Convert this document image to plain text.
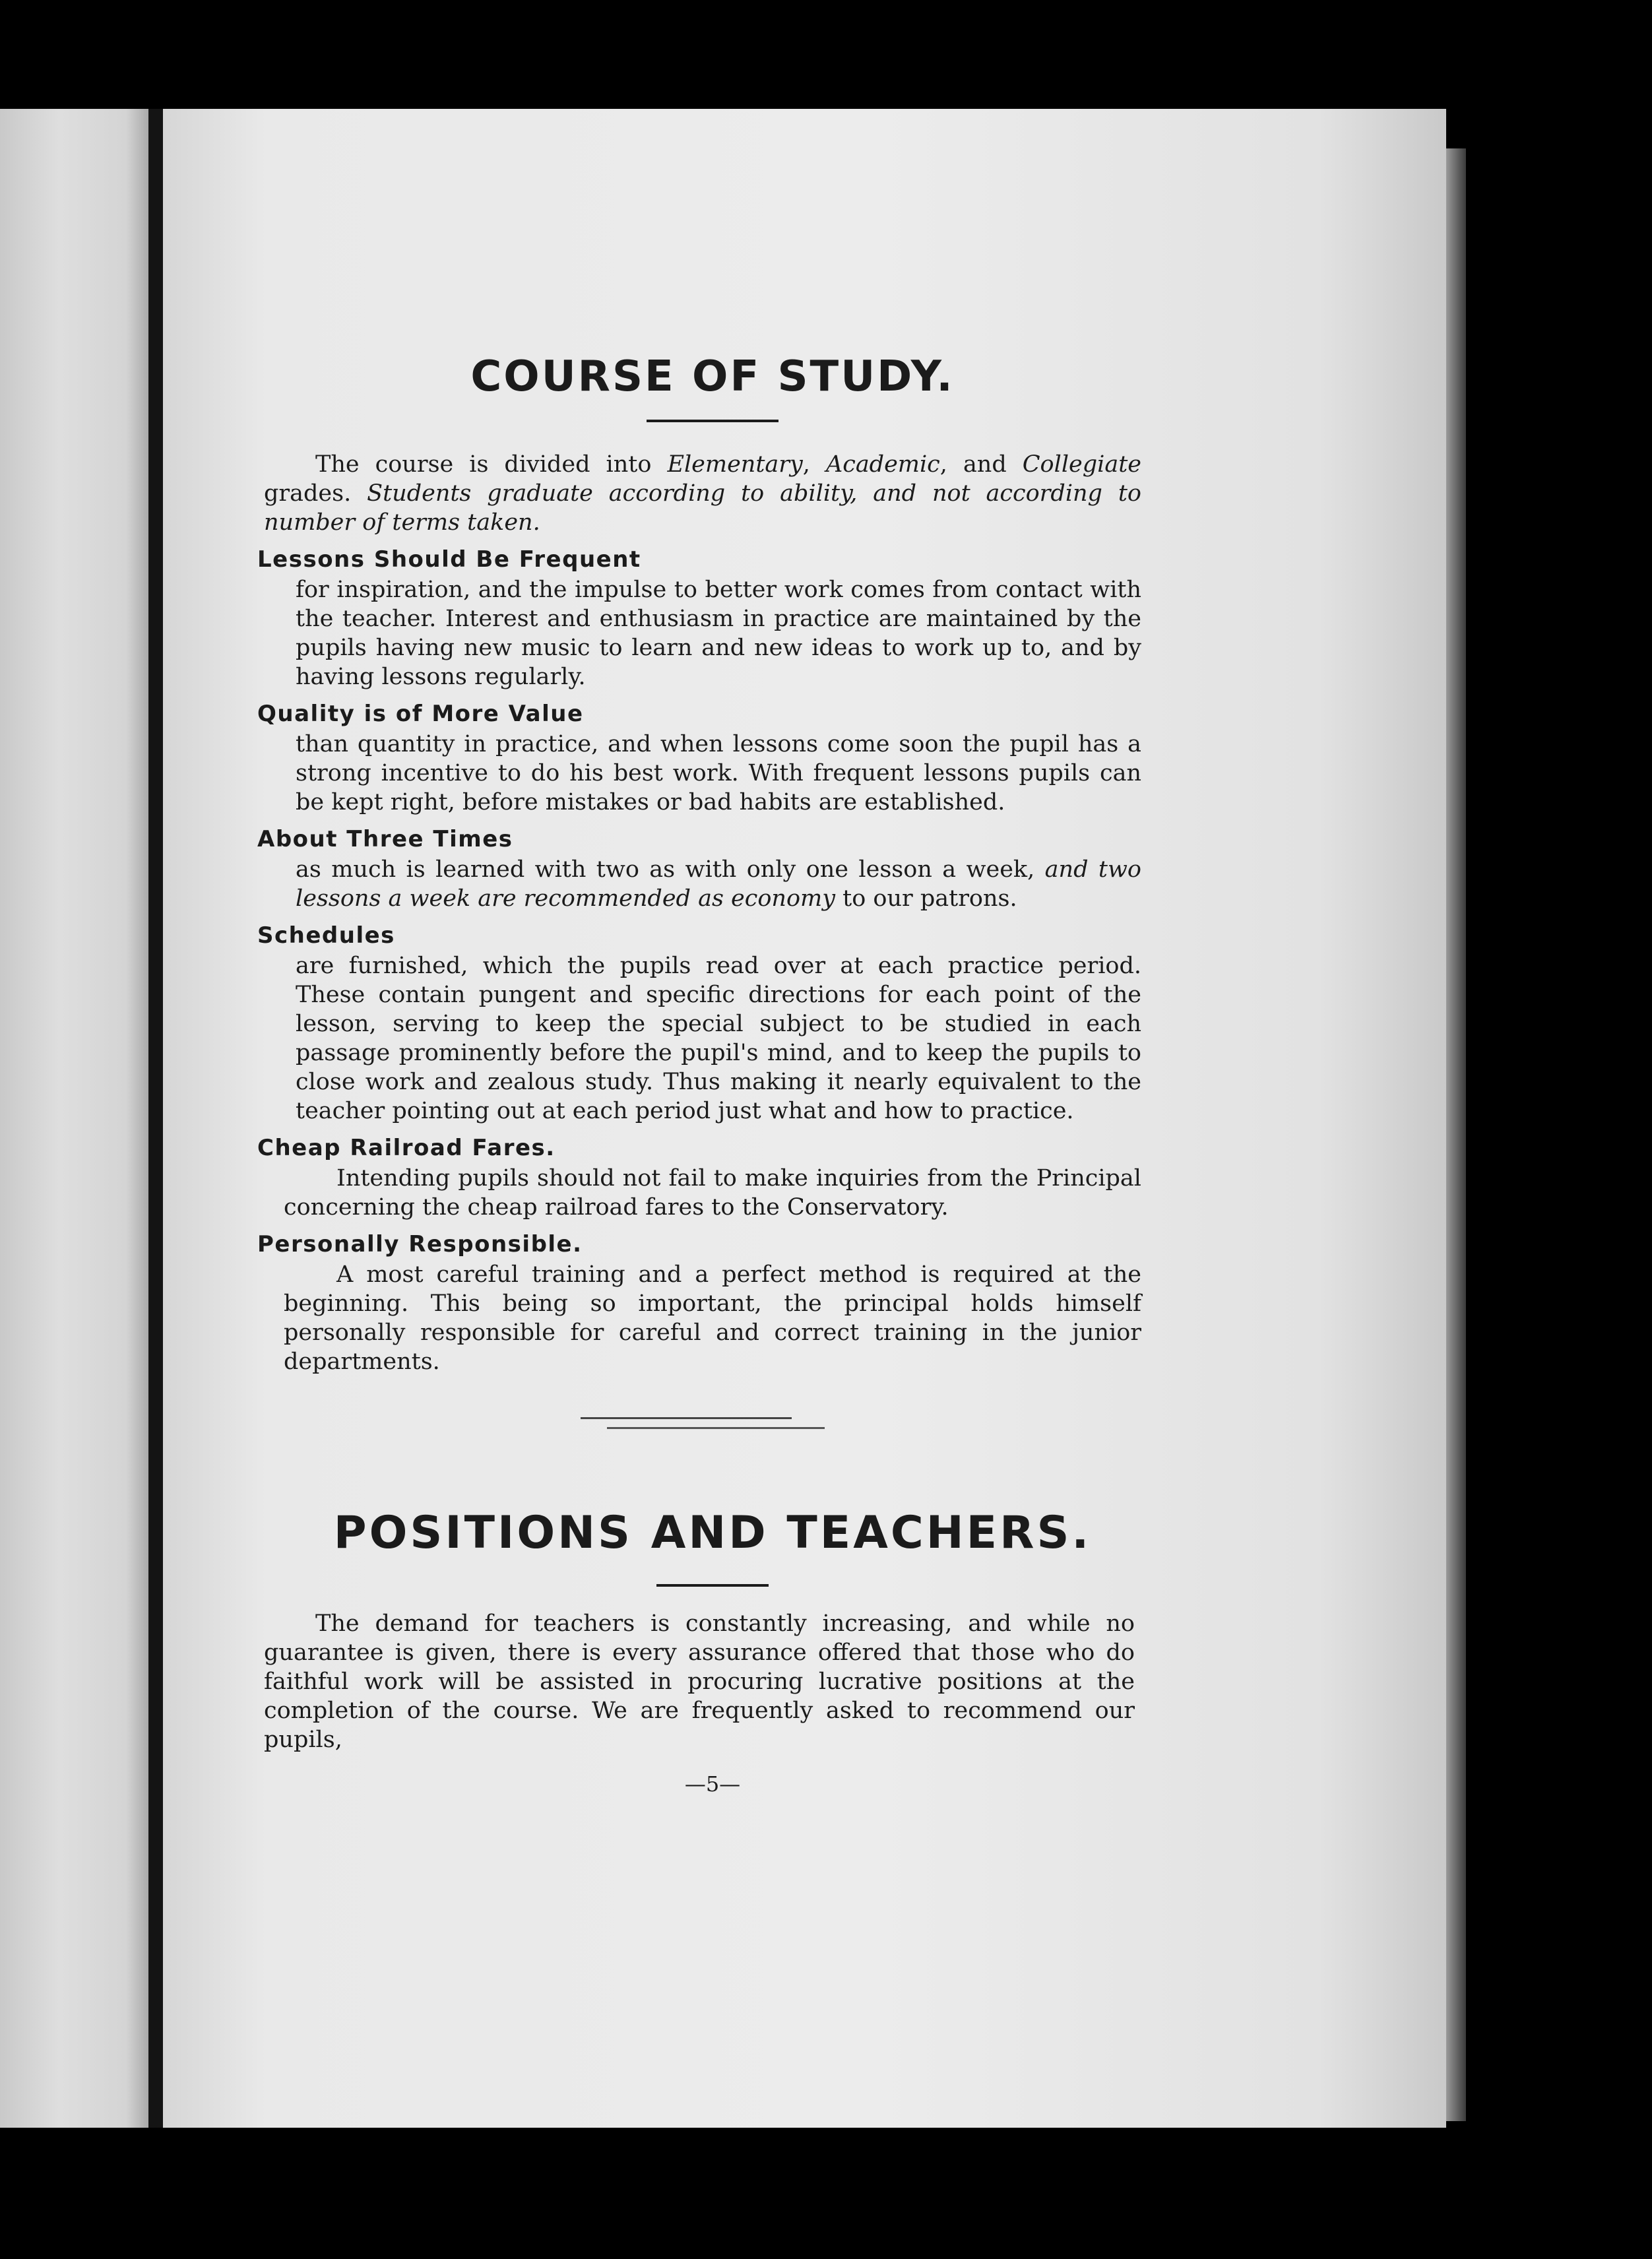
COURSE OF STUDY.

The course is divided into Elementary, Academic, and Collegiate grades. Students graduate according to ability, and not according to number of terms taken.

Lessons Should Be Frequent

for inspiration, and the impulse to better work comes from contact with the teacher. Interest and enthusiasm in practice are maintained by the pupils having new music to learn and new ideas to work up to, and by having lessons regularly.

Quality is of More Value

than quantity in practice, and when lessons come soon the pupil has a strong incentive to do his best work. With frequent lessons pupils can be kept right, before mistakes or bad habits are established.

About Three Times

as much is learned with two as with only one lesson a week, and two lessons a week are recommended as economy to our patrons.

Schedules

are furnished, which the pupils read over at each practice period. These contain pungent and specific directions for each point of the lesson, serving to keep the special subject to be studied in each passage prominently before the pupil's mind, and to keep the pupils to close work and zealous study. Thus making it nearly equivalent to the teacher pointing out at each period just what and how to practice.

Cheap Railroad Fares.

Intending pupils should not fail to make inquiries from the Principal concerning the cheap railroad fares to the Conservatory.

Personally Responsible.

A most careful training and a perfect method is required at the beginning. This being so important, the principal holds himself personally responsible for careful and correct training in the junior departments.

POSITIONS AND TEACHERS.

The demand for teachers is constantly increasing, and while no guarantee is given, there is every assurance offered that those who do faithful work will be assisted in procuring lucrative positions at the completion of the course. We are frequently asked to recommend our pupils,

—5—
